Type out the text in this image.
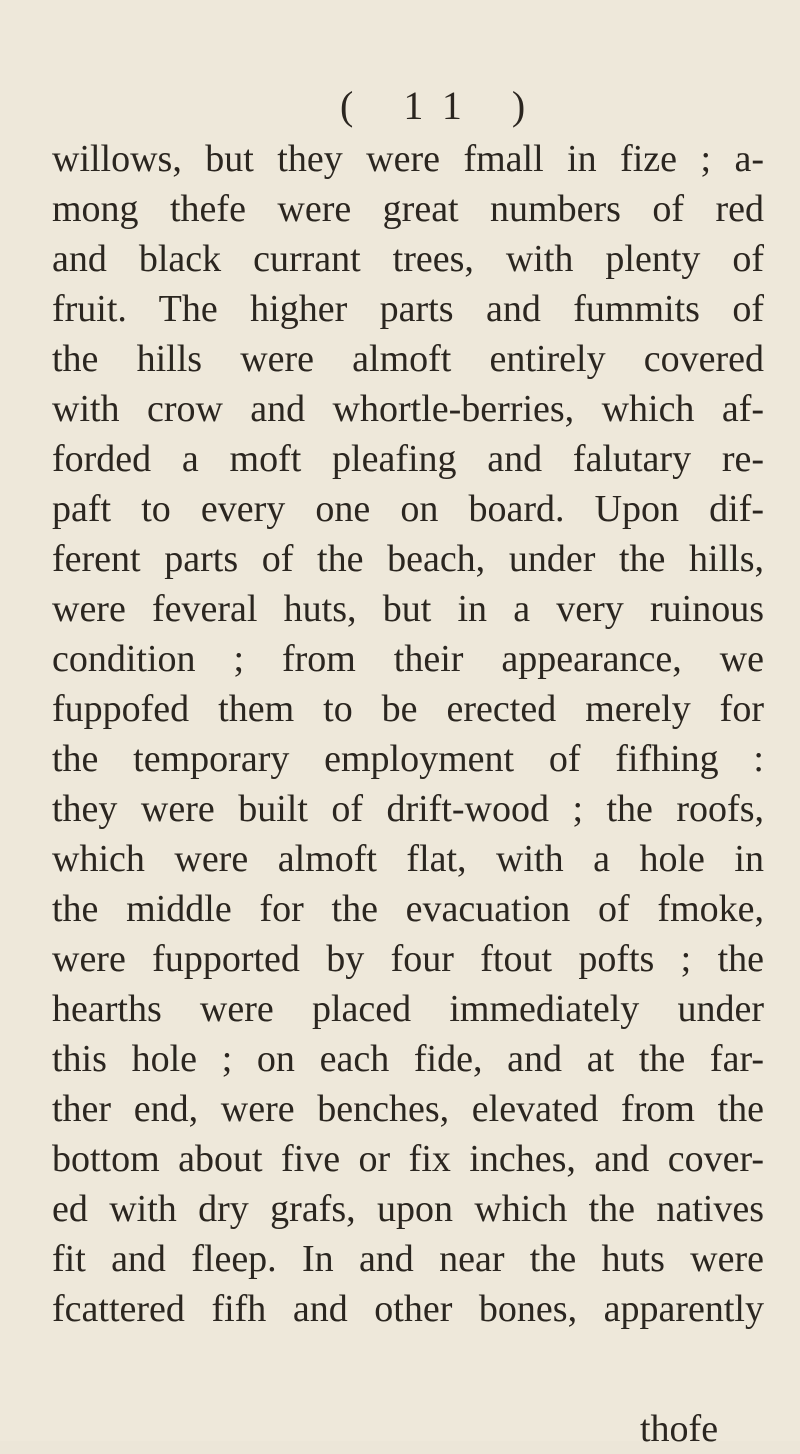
( 11 )
willows, but they were fmall in fize ; a-
mong thefe were great numbers of red
and black currant trees, with plenty of
fruit. The higher parts and fummits of
the hills were almoft entirely covered
with crow and whortle-berries, which af-
forded a moft pleafing and falutary re-
paft to every one on board. Upon dif-
ferent parts of the beach, under the hills,
were feveral huts, but in a very ruinous
condition ; from their appearance, we
fuppofed them to be erected merely for
the temporary employment of fifhing :
they were built of drift-wood ; the roofs,
which were almoft flat, with a hole in
the middle for the evacuation of fmoke,
were fupported by four ftout pofts ; the
hearths were placed immediately under
this hole ; on each fide, and at the far-
ther end, were benches, elevated from the
bottom about five or fix inches, and cover-
ed with dry grafs, upon which the natives
fit and fleep. In and near the huts were
fcattered fifh and other bones, apparently
thofe
